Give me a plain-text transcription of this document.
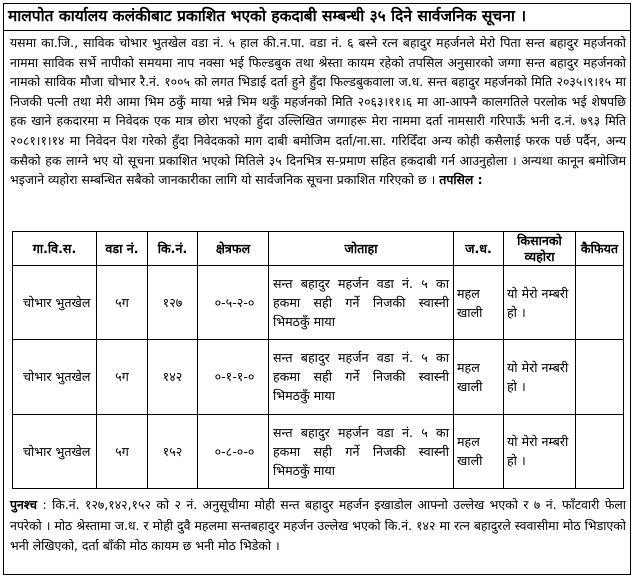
मालपोत कार्यालय कलंकीबाट प्रकाशित भएको हकदाबी सम्बन्धी ३५ दिने सार्वजनिक सूचना ।
यसमा का.जि., साविक चोभार भुतखेल वडा नं. ५ हाल की.न.पा. वडा नं. ६ बस्ने रत्न बहादुर महर्जनले मेरो पिता सन्त बहादुर महर्जनको नाममा साविक सर्भे नापीको समयमा नाप नक्सा भई फिल्डबुक तथा श्रेस्ता कायम रहेको तपसिल अनुसारको जग्गा सन्त बहादुर महर्जनको नामको साविक मौजा चोभार रै.नं. १००५ को लगत भिडाई दर्ता हुने हुँदा फिल्डबुकवाला ज.ध. सन्त बहादुर महर्जनको मिति २०३५।९।१५ मा निजकी पत्नी तथा मेरी आमा भिम ठकुँ माया भन्ने भिम थकुँ महर्जनको मिति २०६३।११।६ मा आ-आफ्नै कालगतिले परलोक भई शेषपछि हक खाने हकदारमा म निवेदक एक मात्र छोरा भएको हुँदा उल्लिखित जग्गाहरू मेरा नाममा दर्ता नामसारी गरिपाऊँ भनी द.नं. ७९३ मिति २०८१।१।१४ मा निवेदन पेश गरेको हुँदा निवेदकको माग दाबी बमोजिम दर्ता/ना.सा. गरिदिँदा अन्य कोही कसैलाई फरक पर्छ पर्दैन, अन्य कसैको हक लाग्ने भए यो सूचना प्रकाशित भएको मितिले ३५ दिनभित्र स-प्रमाण सहित हकदाबी गर्न आउनुहोला । अन्यथा कानून बमोजिम भइजाने व्यहोरा सम्बन्धित सबैको जानकारीका लागि यो सार्वजनिक सूचना प्रकाशित गरिएको छ । तपसिल :
गा.वि.स.	वडा नं.	कि.नं.	क्षेत्रफल	जोताहा	ज.ध.	किसानको व्यहोरा	कैफियत
चोभार भुतखेल	५ग	१२७	०-५-२-०	सन्त बहादुर महर्जन वडा नं. ५ का हकमा सही गर्ने निजकी स्वास्नी भिमठकुँ माया	महल खाली	यो मेरो नम्बरी हो ।	
चोभार भुतखेल	५ग	१४२	०-१-१-०	सन्त बहादुर महर्जन वडा नं. ५ का हकमा सही गर्ने निजकी स्वास्नी भिमठकुँ माया	महल खाली	यो मेरो नम्बरी हो ।	
चोभार भुतखेल	५ग	१५२	०-८-०-०	सन्त बहादुर महर्जन वडा नं. ५ का हकमा सही गर्ने निजकी स्वास्नी भिमठकुँ माया	महल खाली	यो मेरो नम्बरी हो ।	
पुनश्च : कि.नं. १२७,१४२,१५२ को २ नं. अनुसूचीमा मोही सन्त बहादुर महर्जन इखाडोल आफ्नो उल्लेख भएको र ७ नं. फाँटवारी फेला नपरेको । मोठ श्रेस्तामा ज.ध. र मोही दुवै महलमा सन्तबहादुर महर्जन उल्लेख भएको कि.नं. १४२ मा रत्न बहादुरले स्ववासीमा मोठ भिडाएको भनी लेखिएको, दर्ता बाँकी मोठ कायम छ भनी मोठ भिडेको ।
